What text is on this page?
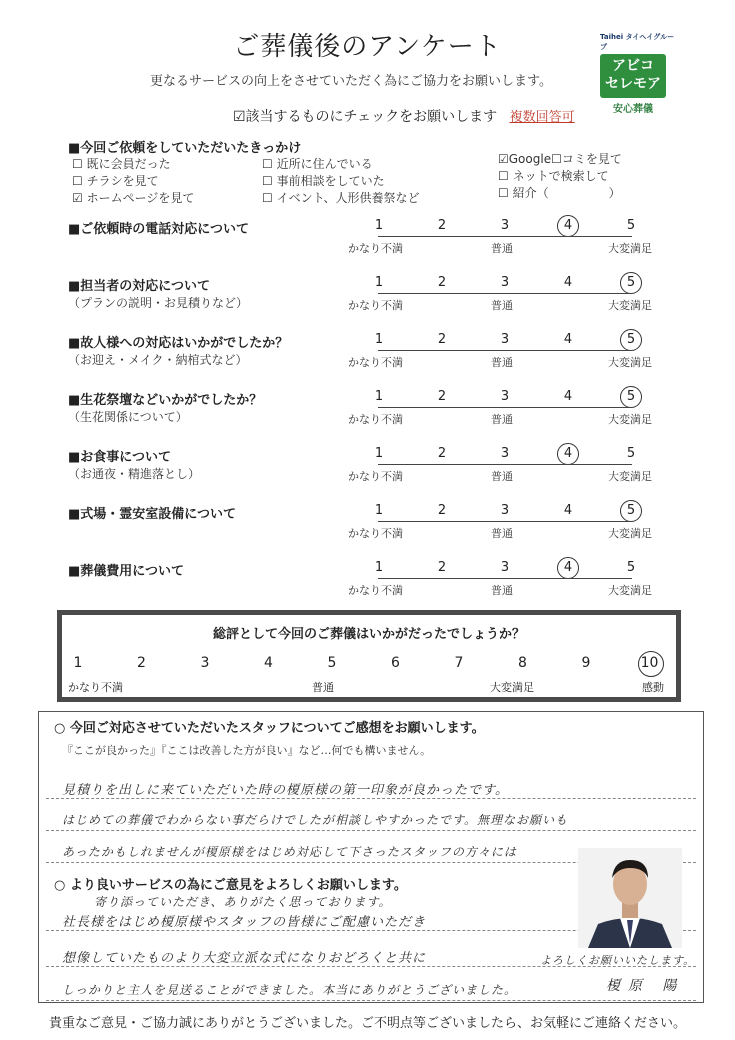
ご葬儀後のアンケート
更なるサービスの向上をさせていただく為にご協力をお願いします。
Taihei タイヘイグループ
アビコ
セレモア
安心葬儀
☑該当するものにチェックをお願いします 複数回答可
■今回ご依頼をしていただいたきっかけ
☐ 既に会員だった	☐ 近所に住んでいる	☑Google☐コミを見て
☐ チラシを見て	☐ 事前相談をしていた	☐ ネットで検索して
☑ ホームページを見て	☐ イベント、人形供養祭など	☐ 紹介（　　　　　）
■ご依頼時の電話対応について	1	2	3	4	5
かなり不満	普通	大変満足
■担当者の対応について
（プランの説明・お見積りなど）
1	2	3	4	5
かなり不満	普通	大変満足
■故人様への対応はいかがでしたか？
（お迎え・メイク・納棺式など）
1	2	3	4	5
かなり不満	普通	大変満足
■生花祭壇などいかがでしたか？
（生花関係について）
1	2	3	4	5
かなり不満	普通	大変満足
■お食事について
（お通夜・精進落とし）
1	2	3	4	5
かなり不満	普通	大変満足
■式場・霊安室設備について	1	2	3	4	5
かなり不満	普通	大変満足
■葬儀費用について	1	2	3	4	5
かなり不満	普通	大変満足
総評として今回のご葬儀はいかがだったでしょうか？
1	2	3	4	5	6	7	8	9	10
かなり不満	普通	大変満足	感動
○ 今回ご対応させていただいたスタッフについてご感想をお願いします。
『ここが良かった』『ここは改善した方が良い』など…何でも構いません。
見積りを出しに来ていただいた時の榎原様の第一印象が良かったです。
はじめての葬儀でわからない事だらけでしたが相談しやすかったです。無理なお願いも
あったかもしれませんが榎原様をはじめ対応して下さったスタッフの方々には
○ より良いサービスの為にご意見をよろしくお願いします。
寄り添っていただき、ありがたく思っております。
社長様をはじめ榎原様やスタッフの皆様にご配慮いただき
想像していたものより大変立派な式になりおどろくと共に
しっかりと主人を見送ることができました。本当にありがとうございました。
よろしくお願いいたします。
榎原 陽
貴重なご意見・ご協力誠にありがとうございました。ご不明点等ございましたら、お気軽にご連絡ください。
